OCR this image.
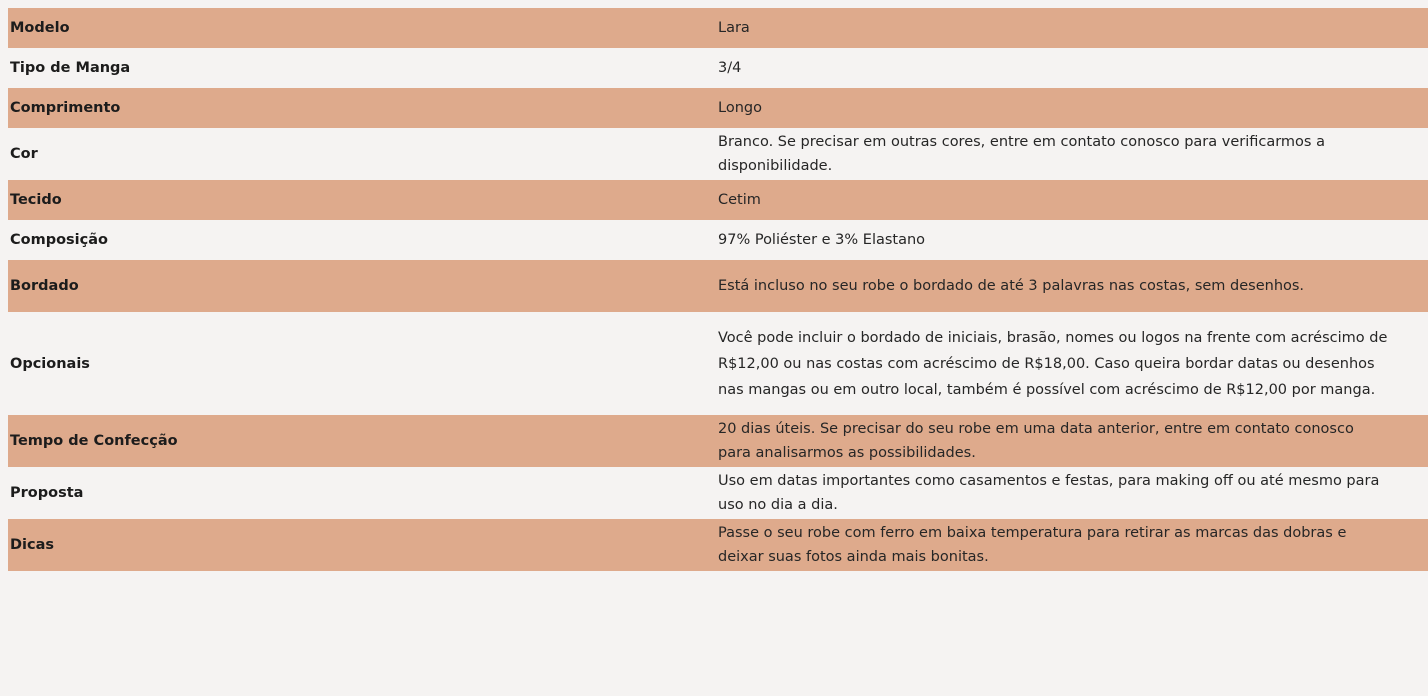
Modelo	Lara
Tipo de Manga	3/4
Comprimento	Longo
Cor	Branco. Se precisar em outras cores, entre em contato conosco para verificarmos a disponibilidade.
Tecido	Cetim
Composição	97% Poliéster e 3% Elastano
Bordado	Está incluso no seu robe o bordado de até 3 palavras nas costas, sem desenhos.
Opcionais	Você pode incluir o bordado de iniciais, brasão, nomes ou logos na frente com acréscimo de R$12,00 ou nas costas com acréscimo de R$18,00. Caso queira bordar datas ou desenhos nas mangas ou em outro local, também é possível com acréscimo de R$12,00 por manga.
Tempo de Confecção	20 dias úteis. Se precisar do seu robe em uma data anterior, entre em contato conosco para analisarmos as possibilidades.
Proposta	Uso em datas importantes como casamentos e festas, para making off ou até mesmo para uso no dia a dia.
Dicas	Passe o seu robe com ferro em baixa temperatura para retirar as marcas das dobras e deixar suas fotos ainda mais bonitas.
